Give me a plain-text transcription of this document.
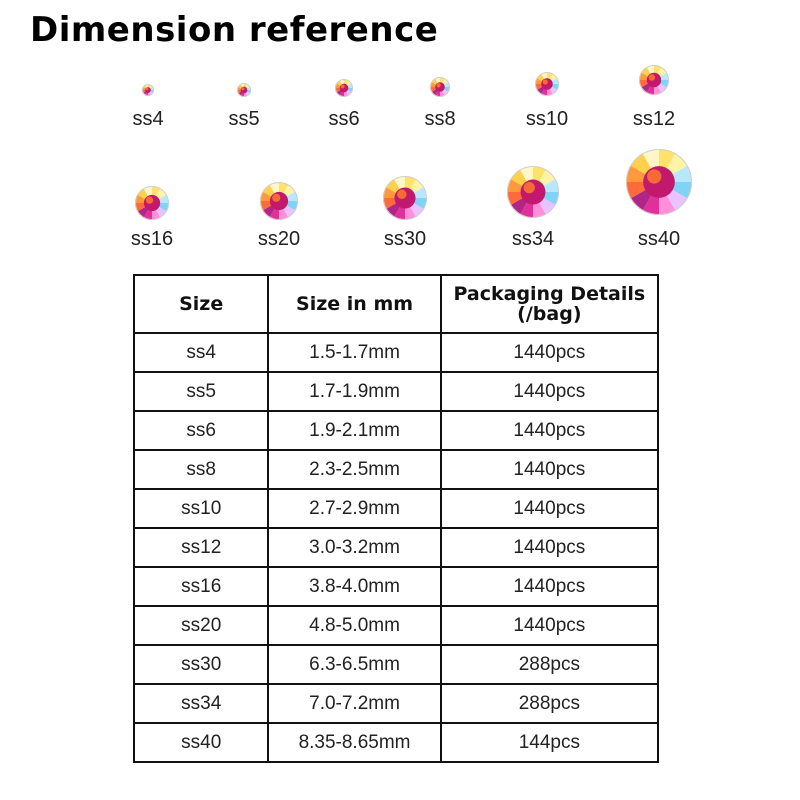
Dimension reference
ss4	ss5	ss6	ss8	ss10	ss12
ss16	ss20	ss30	ss34	ss40
Size	Size in mm	Packaging Details
(/bag)
ss4	1.5-1.7mm	1440pcs
ss5	1.7-1.9mm	1440pcs
ss6	1.9-2.1mm	1440pcs
ss8	2.3-2.5mm	1440pcs
ss10	2.7-2.9mm	1440pcs
ss12	3.0-3.2mm	1440pcs
ss16	3.8-4.0mm	1440pcs
ss20	4.8-5.0mm	1440pcs
ss30	6.3-6.5mm	288pcs
ss34	7.0-7.2mm	288pcs
ss40	8.35-8.65mm	144pcs
